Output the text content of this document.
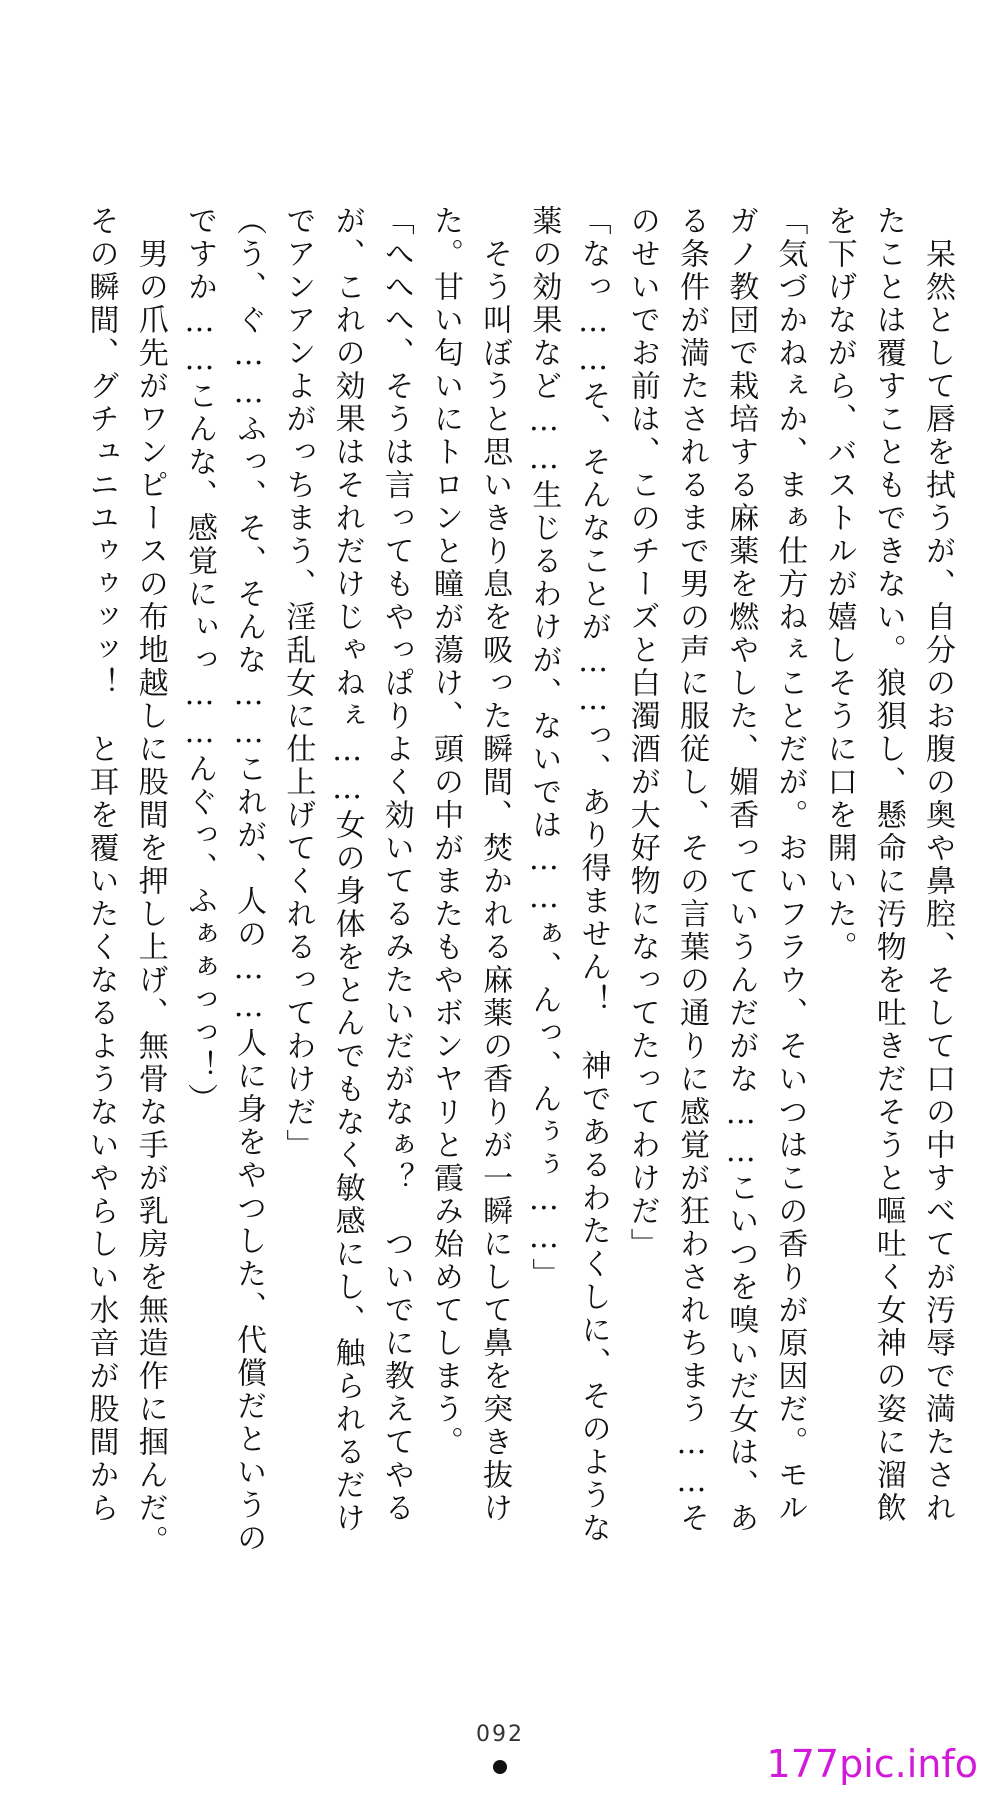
　呆然として唇を拭うが、自分のお腹の奥や鼻腔、そして口の中すべてが汚辱で満たされ
たことは覆すこともできない。狼狽し、懸命に汚物を吐きだそうと嘔吐く女神の姿に溜飲
を下げながら、バストルが嬉しそうに口を開いた。
「気づかねぇか、まぁ仕方ねぇことだが。おいフラウ、そいつはこの香りが原因だ。モル
ガノ教団で栽培する麻薬を燃やした、媚香っていうんだがな……こいつを嗅いだ女は、あ
る条件が満たされるまで男の声に服従し、その言葉の通りに感覚が狂わされちまう……そ
のせいでお前は、このチーズと白濁酒が大好物になってたってわけだ」
「なっ……そ、そんなことが……っ、あり得ません！　神であるわたくしに、そのような
薬の効果など……生じるわけが、ないでは……ぁ、んっ、んぅぅ……」
　そう叫ぼうと思いきり息を吸った瞬間、焚かれる麻薬の香りが一瞬にして鼻を突き抜け
た。甘い匂いにトロンと瞳が蕩け、頭の中がまたもやボンヤリと霞み始めてしまう。
「へへへ、そうは言ってもやっぱりよく効いてるみたいだがなぁ？　ついでに教えてやる
が、これの効果はそれだけじゃねぇ……女の身体をとんでもなく敏感にし、触られるだけ
でアンアンよがっちまう、淫乱女に仕上げてくれるってわけだ」
（う、ぐ……ふっ、そ、そんな……これが、人の……人に身をやつした、代償だというの
ですか……こんな、感覚にぃっ……んぐっ、ふぁぁっっ！）
　男の爪先がワンピースの布地越しに股間を押し上げ、無骨な手が乳房を無造作に掴んだ。
その瞬間、グチュニユゥゥッッ！　と耳を覆いたくなるようないやらしい水音が股間から
092
177pic.info
